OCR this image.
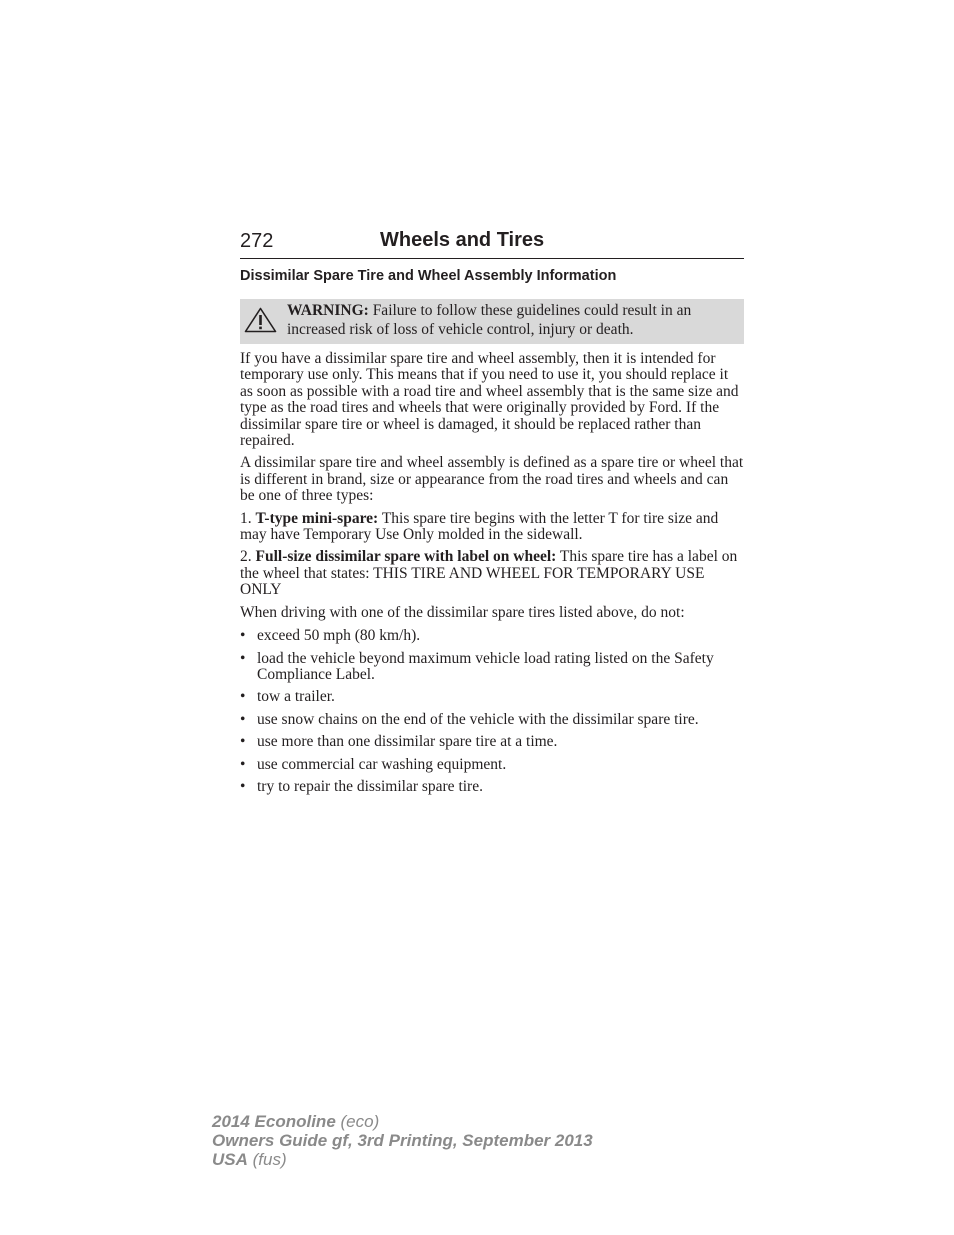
272	Wheels and Tires
Dissimilar Spare Tire and Wheel Assembly Information
WARNING: Failure to follow these guidelines could result in an increased risk of loss of vehicle control, injury or death.

If you have a dissimilar spare tire and wheel assembly, then it is intended for temporary use only. This means that if you need to use it, you should replace it as soon as possible with a road tire and wheel assembly that is the same size and type as the road tires and wheels that were originally provided by Ford. If the dissimilar spare tire or wheel is damaged, it should be replaced rather than repaired.

A dissimilar spare tire and wheel assembly is defined as a spare tire or wheel that is different in brand, size or appearance from the road tires and wheels and can be one of three types:

1. T-type mini-spare: This spare tire begins with the letter T for tire size and may have Temporary Use Only molded in the sidewall.

2. Full-size dissimilar spare with label on wheel: This spare tire has a label on the wheel that states: THIS TIRE AND WHEEL FOR TEMPORARY USE ONLY

When driving with one of the dissimilar spare tires listed above, do not:

• exceed 50 mph (80 km/h).
• load the vehicle beyond maximum vehicle load rating listed on the Safety Compliance Label.
• tow a trailer.
• use snow chains on the end of the vehicle with the dissimilar spare tire.
• use more than one dissimilar spare tire at a time.
• use commercial car washing equipment.
• try to repair the dissimilar spare tire.
2014 Econoline (eco)
Owners Guide gf, 3rd Printing, September 2013
USA (fus)
